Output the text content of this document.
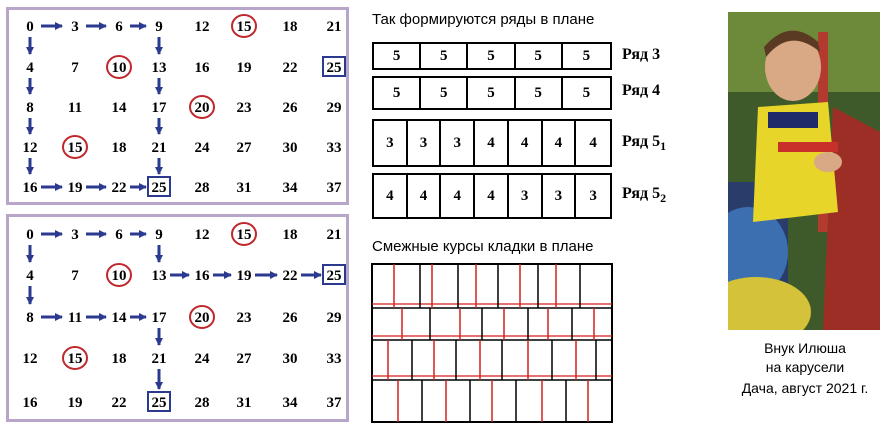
0	3 6 9 12 15 18 21
4	7 10 13 16 19 22 25
8 11 14 17 20 23 26 29
12 15 18 21 24 27 30 33
16 19 22 25 28 31 34 37
0	3 6 9 12 15 18 21
4	7 10 13 16 19 22 25
8 11 14 17 20 23 26 29
12 15 18 21 24 27 30 33
16 19 22 25 28 31 34 37
Так формируются ряды в плане
Смежные курсы кладки в плане
5	5	5	5	5	Ряд 3
5	5	5	5	5	Ряд 4
3	3	3	4	4	4	4	Ряд $5_1$
4	4	4	4	3	3	3	Ряд $5_2$
Внук Илюша
на карусели
Дача, август 2021 г.
